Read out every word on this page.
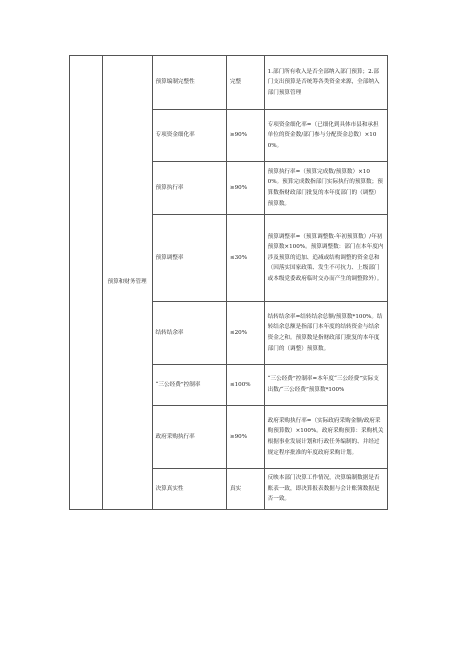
	预算和财务管理	预算编制完整性	完整	1.部门所有收入是否全部纳入部门预算；2.部门支出预算是否统筹各类资金来源，全部纳入部门预算管理
		专项资金细化率	≥90%	专项资金细化率=（已细化到具体市县和承担单位的资金数/部门参与分配资金总数）×100%。
		预算执行率	≥90%	预算执行率=（预算完成数/预算数）×100%。预算完成数指部门实际执行的预算数；预算数指财政部门批复的本年度部门的（调整）预算数。
		预算调整率	≤30%	预算调整率=（预算调整数-年初预算数）/年初预算数×100%。预算调整数：部门在本年度内涉及预算的追加、追减或结构调整的资金总和（因落实国家政策、发生不可抗力、上级部门或本级党委政府临时交办而产生的调整除外）。
		结转结余率	≤20%	结转结余率=结转结余总额/预算数*100%。结转结余总额是指部门本年度的结转资金与结余资金之和。预算数是指财政部门批复的本年度部门的（调整）预算数。
		“三公经费”控制率	≤100%	“三公经费”控制率=本年度“三公经费”实际支出数/“三公经费”预算数*100%
		政府采购执行率	≥90%	政府采购执行率=（实际政府采购金额/政府采购预算数）×100%。政府采购预算：采购机关根据事业发展计划和行政任务编制的、并经过规定程序批准的年度政府采购计划。
		决算真实性	真实	反映本部门决算工作情况，决算编制数据是否账表一致，即决算报表数据与会计账簿数据是否一致。
